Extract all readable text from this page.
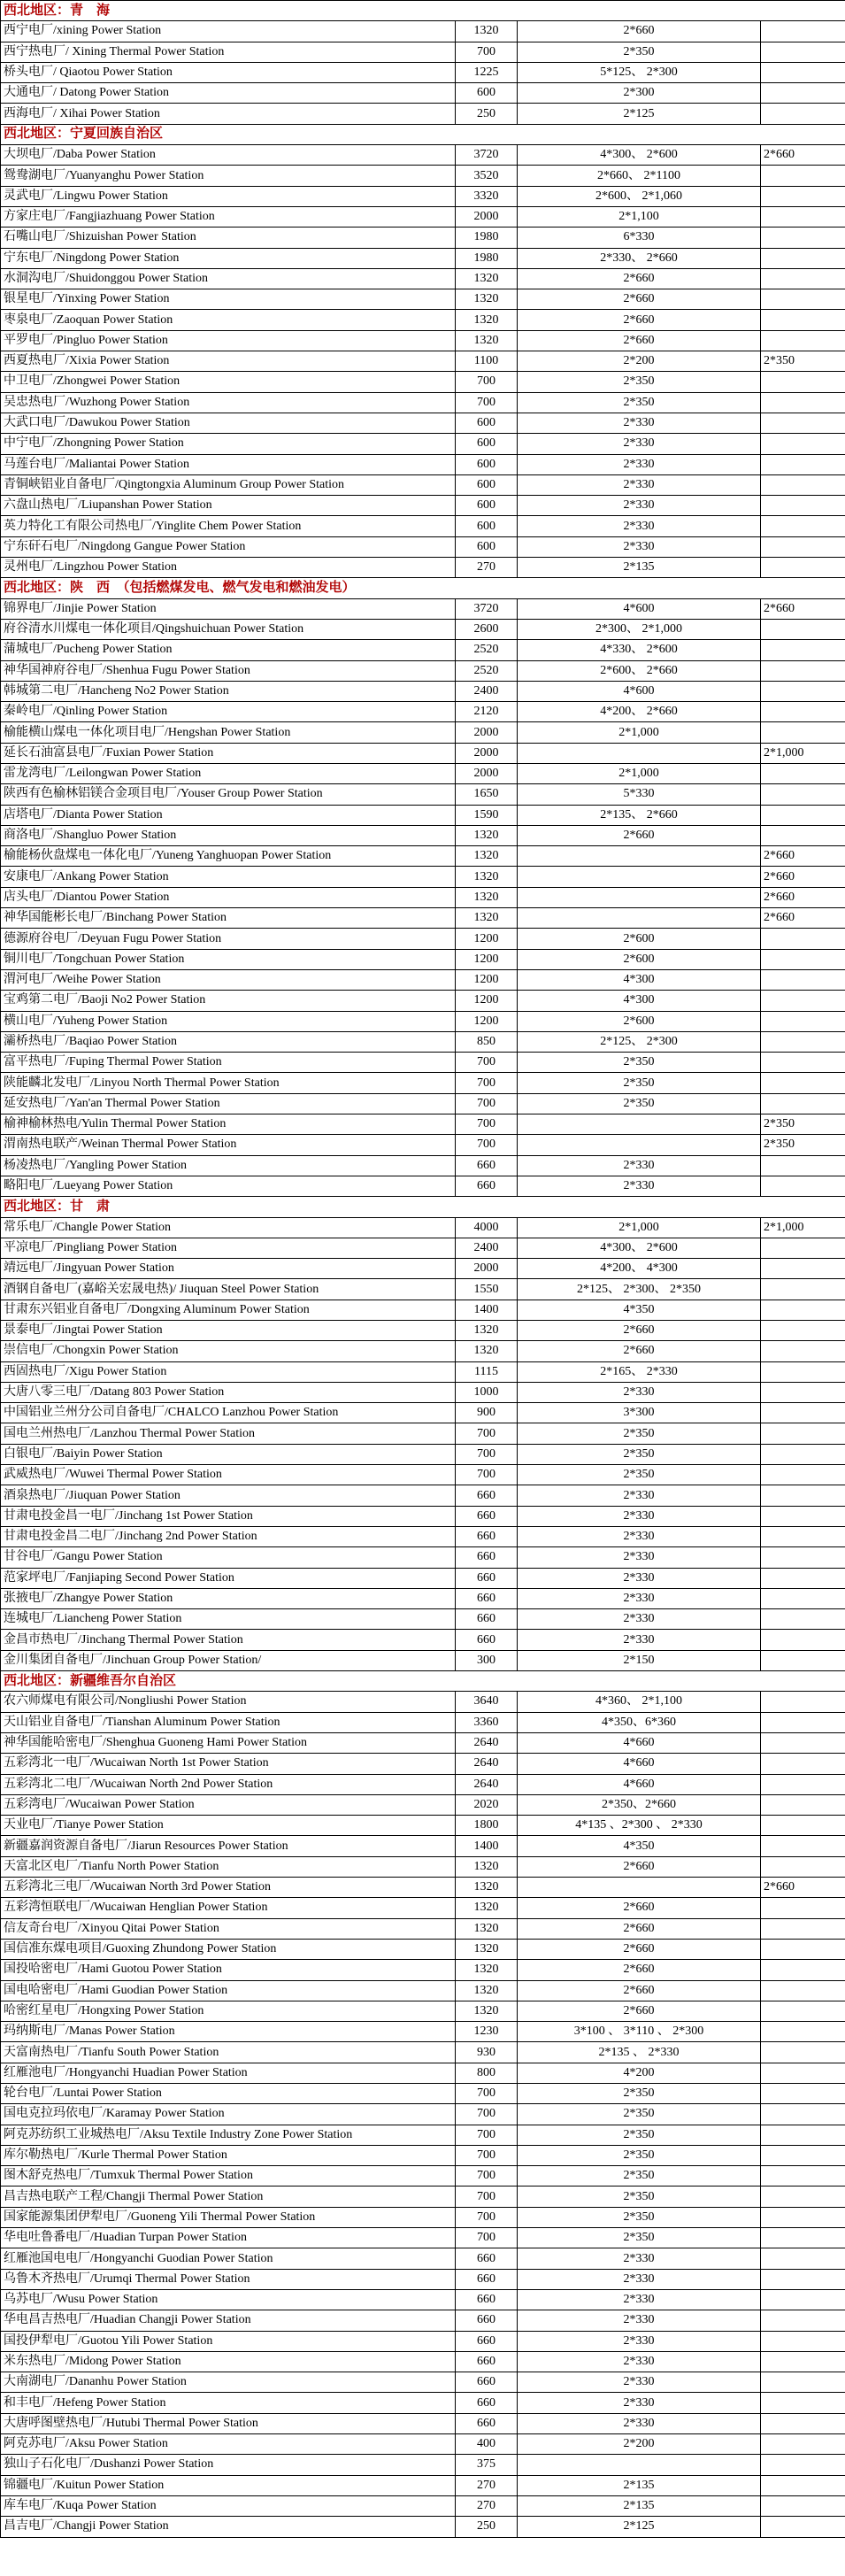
西北地区：青　海			
西宁电厂/xining Power Station	1320	2*660	
西宁热电厂/ Xining Thermal Power Station	700	2*350	
桥头电厂/ Qiaotou Power Station	1225	5*125、 2*300	
大通电厂/ Datong Power Station	600	2*300	
西海电厂/ Xihai Power Station	250	2*125	
西北地区：宁夏回族自治区			
大坝电厂/Daba Power Station	3720	4*300、 2*600	2*660
鸳鸯湖电厂/Yuanyanghu Power Station	3520	2*660、 2*1100	
灵武电厂/Lingwu Power Station	3320	2*600、 2*1,060	
方家庄电厂/Fangjiazhuang Power Station	2000	2*1,100	
石嘴山电厂/Shizuishan Power Station	1980	6*330	
宁东电厂/Ningdong Power Station	1980	2*330、 2*660	
水洞沟电厂/Shuidonggou Power Station	1320	2*660	
银星电厂/Yinxing Power Station	1320	2*660	
枣泉电厂/Zaoquan Power Station	1320	2*660	
平罗电厂/Pingluo Power Station	1320	2*660	
西夏热电厂/Xixia Power Station	1100	2*200	2*350
中卫电厂/Zhongwei Power Station	700	2*350	
吴忠热电厂/Wuzhong Power Station	700	2*350	
大武口电厂/Dawukou Power Station	600	2*330	
中宁电厂/Zhongning Power Station	600	2*330	
马莲台电厂/Maliantai Power Station	600	2*330	
青铜峡铝业自备电厂/Qingtongxia Aluminum Group Power Station	600	2*330	
六盘山热电厂/Liupanshan Power Station	600	2*330	
英力特化工有限公司热电厂/Yinglite Chem Power Station	600	2*330	
宁东矸石电厂/Ningdong Gangue Power Station	600	2*330	
灵州电厂/Lingzhou Power Station	270	2*135	
西北地区：陕　西　（包括燃煤发电、燃气发电和燃油发电）			
锦界电厂/Jinjie Power Station	3720	4*600	2*660
府谷清水川煤电一体化项目/Qingshuichuan Power Station	2600	2*300、 2*1,000	
蒲城电厂/Pucheng Power Station	2520	4*330、 2*600	
神华国神府谷电厂/Shenhua Fugu Power Station	2520	2*600、 2*660	
韩城第二电厂/Hancheng No2 Power Station	2400	4*600	
秦岭电厂/Qinling Power Station	2120	4*200、 2*660	
榆能横山煤电一体化项目电厂/Hengshan Power Station	2000	2*1,000	
延长石油富县电厂/Fuxian Power Station	2000		2*1,000
雷龙湾电厂/Leilongwan Power Station	2000	2*1,000	
陕西有色榆林铝镁合金项目电厂/Youser Group Power Station	1650	5*330	
店塔电厂/Dianta Power Station	1590	2*135、 2*660	
商洛电厂/Shangluo Power Station	1320	2*660	
榆能杨伙盘煤电一体化电厂/Yuneng Yanghuopan Power Station	1320		2*660
安康电厂/Ankang Power Station	1320		2*660
店头电厂/Diantou Power Station	1320		2*660
神华国能彬长电厂/Binchang Power Station	1320		2*660
德源府谷电厂/Deyuan Fugu Power Station	1200	2*600	
铜川电厂/Tongchuan Power Station	1200	2*600	
渭河电厂/Weihe Power Station	1200	4*300	
宝鸡第二电厂/Baoji No2 Power Station	1200	4*300	
横山电厂/Yuheng Power Station	1200	2*600	
灞桥热电厂/Baqiao Power Station	850	2*125、 2*300	
富平热电厂/Fuping Thermal Power Station	700	2*350	
陕能麟北发电厂/Linyou North Thermal Power Station	700	2*350	
延安热电厂/Yan'an Thermal Power Station	700	2*350	
榆神榆林热电/Yulin Thermal Power Station	700		2*350
渭南热电联产/Weinan Thermal Power Station	700		2*350
杨凌热电厂/Yangling Power Station	660	2*330	
略阳电厂/Lueyang Power Station	660	2*330	
西北地区：甘　肃			
常乐电厂/Changle Power Station	4000	2*1,000	2*1,000
平凉电厂/Pingliang Power Station	2400	4*300、 2*600	
靖远电厂/Jingyuan Power Station	2000	4*200、 4*300	
酒钢自备电厂(嘉峪关宏晟电热)/ Jiuquan Steel Power Station	1550	2*125、 2*300、 2*350	
甘肃东兴铝业自备电厂/Dongxing Aluminum Power Station	1400	4*350	
景泰电厂/Jingtai Power Station	1320	2*660	
崇信电厂/Chongxin Power Station	1320	2*660	
西固热电厂/Xigu Power Station	1115	2*165、 2*330	
大唐八零三电厂/Datang 803 Power Station	1000	2*330	
中国铝业兰州分公司自备电厂/CHALCO Lanzhou Power Station	900	3*300	
国电兰州热电厂/Lanzhou Thermal Power Station	700	2*350	
白银电厂/Baiyin Power Station	700	2*350	
武威热电厂/Wuwei Thermal Power Station	700	2*350	
酒泉热电厂/Jiuquan Power Station	660	2*330	
甘肃电投金昌一电厂/Jinchang 1st Power Station	660	2*330	
甘肃电投金昌二电厂/Jinchang 2nd Power Station	660	2*330	
甘谷电厂/Gangu Power Station	660	2*330	
范家坪电厂/Fanjiaping Second Power Station	660	2*330	
张掖电厂/Zhangye Power Station	660	2*330	
连城电厂/Liancheng Power Station	660	2*330	
金昌市热电厂/Jinchang Thermal Power Station	660	2*330	
金川集团自备电厂/Jinchuan Group Power Station/	300	2*150	
西北地区：新疆维吾尔自治区			
农六师煤电有限公司/Nongliushi Power Station	3640	4*360、 2*1,100	
天山铝业自备电厂/Tianshan Aluminum Power Station	3360	4*350、6*360	
神华国能哈密电厂/Shenghua Guoneng Hami Power Station	2640	4*660	
五彩湾北一电厂/Wucaiwan North 1st Power Station	2640	4*660	
五彩湾北二电厂/Wucaiwan North 2nd Power Station	2640	4*660	
五彩湾电厂/Wucaiwan Power Station	2020	2*350、2*660	
天业电厂/Tianye Power Station	1800	4*135 、2*300 、 2*330	
新疆嘉润资源自备电厂/Jiarun Resources Power Station	1400	4*350	
天富北区电厂/Tianfu North Power Station	1320	2*660	
五彩湾北三电厂/Wucaiwan North 3rd Power Station	1320		2*660
五彩湾恒联电厂/Wucaiwan Henglian Power Station	1320	2*660	
信友奇台电厂/Xinyou Qitai Power Station	1320	2*660	
国信准东煤电项目/Guoxing Zhundong Power Station	1320	2*660	
国投哈密电厂/Hami Guotou Power Station	1320	2*660	
国电哈密电厂/Hami Guodian Power Station	1320	2*660	
哈密红星电厂/Hongxing Power Station	1320	2*660	
玛纳斯电厂/Manas Power Station	1230	3*100 、 3*110 、 2*300	
天富南热电厂/Tianfu South Power Station	930	2*135 、 2*330	
红雁池电厂/Hongyanchi Huadian Power Station	800	4*200	
轮台电厂/Luntai Power Station	700	2*350	
国电克拉玛依电厂/Karamay Power Station	700	2*350	
阿克苏纺织工业城热电厂/Aksu Textile Industry Zone Power Station	700	2*350	
库尔勒热电厂/Kurle Thermal Power Station	700	2*350	
图木舒克热电厂/Tumxuk Thermal Power Station	700	2*350	
昌吉热电联产工程/Changji Thermal Power Station	700	2*350	
国家能源集团伊犁电厂/Guoneng Yili Thermal Power Station	700	2*350	
华电吐鲁番电厂/Huadian Turpan Power Station	700	2*350	
红雁池国电电厂/Hongyanchi Guodian Power Station	660	2*330	
乌鲁木齐热电厂/Urumqi Thermal Power Station	660	2*330	
乌苏电厂/Wusu Power Station	660	2*330	
华电昌吉热电厂/Huadian Changji Power Station	660	2*330	
国投伊犁电厂/Guotou Yili Power Station	660	2*330	
米东热电厂/Midong Power Station	660	2*330	
大南湖电厂/Dananhu Power Station	660	2*330	
和丰电厂/Hefeng Power Station	660	2*330	
大唐呼图壁热电厂/Hutubi Thermal Power Station	660	2*330	
阿克苏电厂/Aksu Power Station	400	2*200	
独山子石化电厂/Dushanzi Power Station	375		
锦疆电厂/Kuitun Power Station	270	2*135	
库车电厂/Kuqa Power Station	270	2*135	
昌吉电厂/Changji Power Station	250	2*125	
